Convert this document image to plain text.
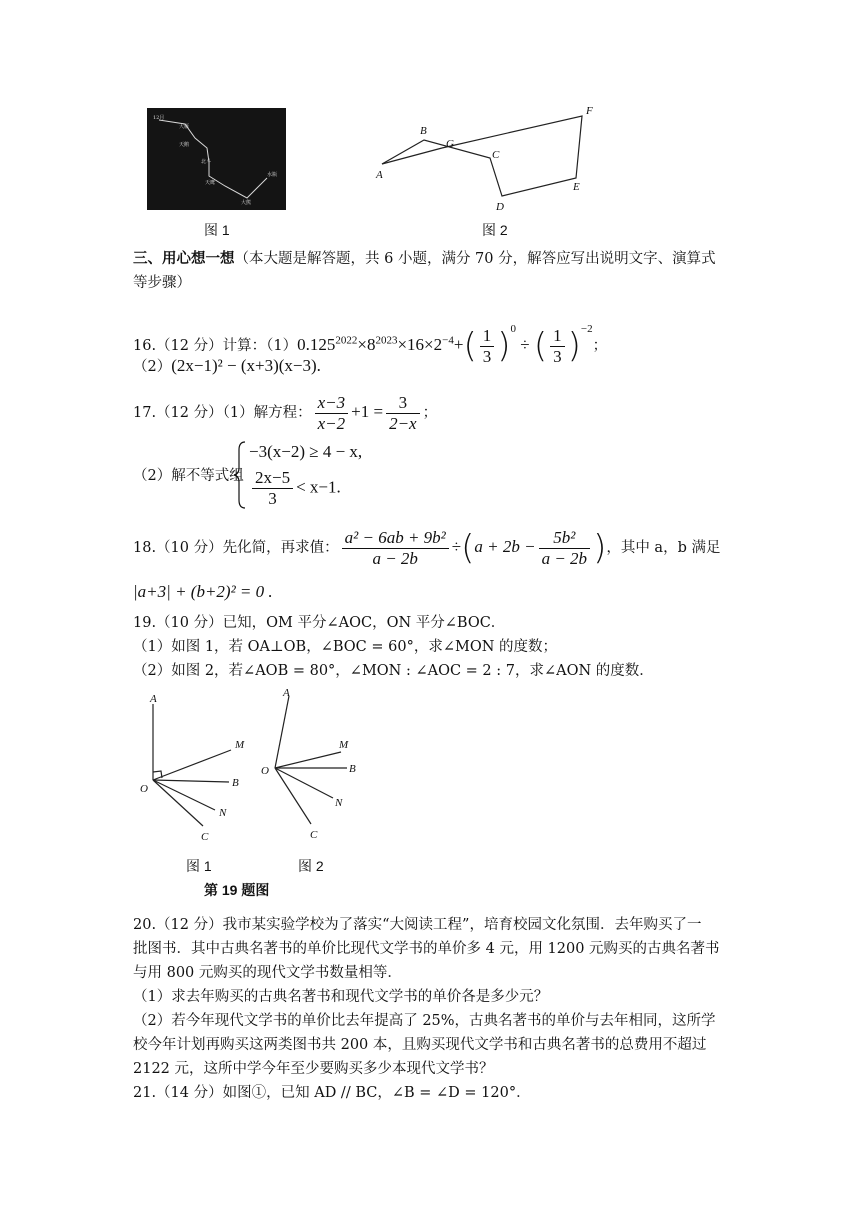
12月
大雁
天鹅
北斗
天鹰
大熊
水瓶
图 1
A
B
G
C
D
E
F
图 2
三、用心想一想（本大题是解答题，共 6 小题，满分 70 分，解答应写出说明文字、演算式
等步骤）
16.（12 分）计算：$(1)0.125^{2022}\times 8^{2023}\times 16\times 2^{-4}+( \frac{1}{3} )^0$ ÷ ( $\frac{1}{3} )^{-2}$；
（2）(2x−1)² − (x+3)(x−3).
17.（12 分）（1）解方程： $\frac{x-3}{x-2} +1 = \frac{3}{2-x}$ ；
（2）解不等式组
−3(x−2) ≥ 4 − x,
$\frac{2x-5}{3} < x-1$.
18.（10 分）先化简，再求值： $\frac{\text{a² − 6ab + 9b²}}{a - 2b} \div(a + 2b - \frac{\text{5b²}}{a - 2b}$ )，其中 a，b 满足
|a+3| + (b+2)² = 0 .
19.（10 分）已知，OM 平分∠AOC，ON 平分∠BOC．
（1）如图 1，若 OA⊥OB，∠BOC = 60°，求∠MON 的度数；
（2）如图 2，若∠AOB = 80°，∠MON : ∠AOC = 2 : 7，求∠AON 的度数．
A
M
B
N
C
O
图 1
A
M
B
N
C
O
图 2
第 19 题图
20.（12 分）我市某实验学校为了落实“大阅读工程”，培育校园文化氛围．去年购买了一
批图书．其中古典名著书的单价比现代文学书的单价多 4 元，用 1200 元购买的古典名著书
与用 800 元购买的现代文学书数量相等．
（1）求去年购买的古典名著书和现代文学书的单价各是多少元？
（2）若今年现代文学书的单价比去年提高了 25%，古典名著书的单价与去年相同，这所学
校今年计划再购买这两类图书共 200 本，且购买现代文学书和古典名著书的总费用不超过
2122 元，这所中学今年至少要购买多少本现代文学书？
21.（14 分）如图①，已知 AD // BC，∠B = ∠D = 120°．
